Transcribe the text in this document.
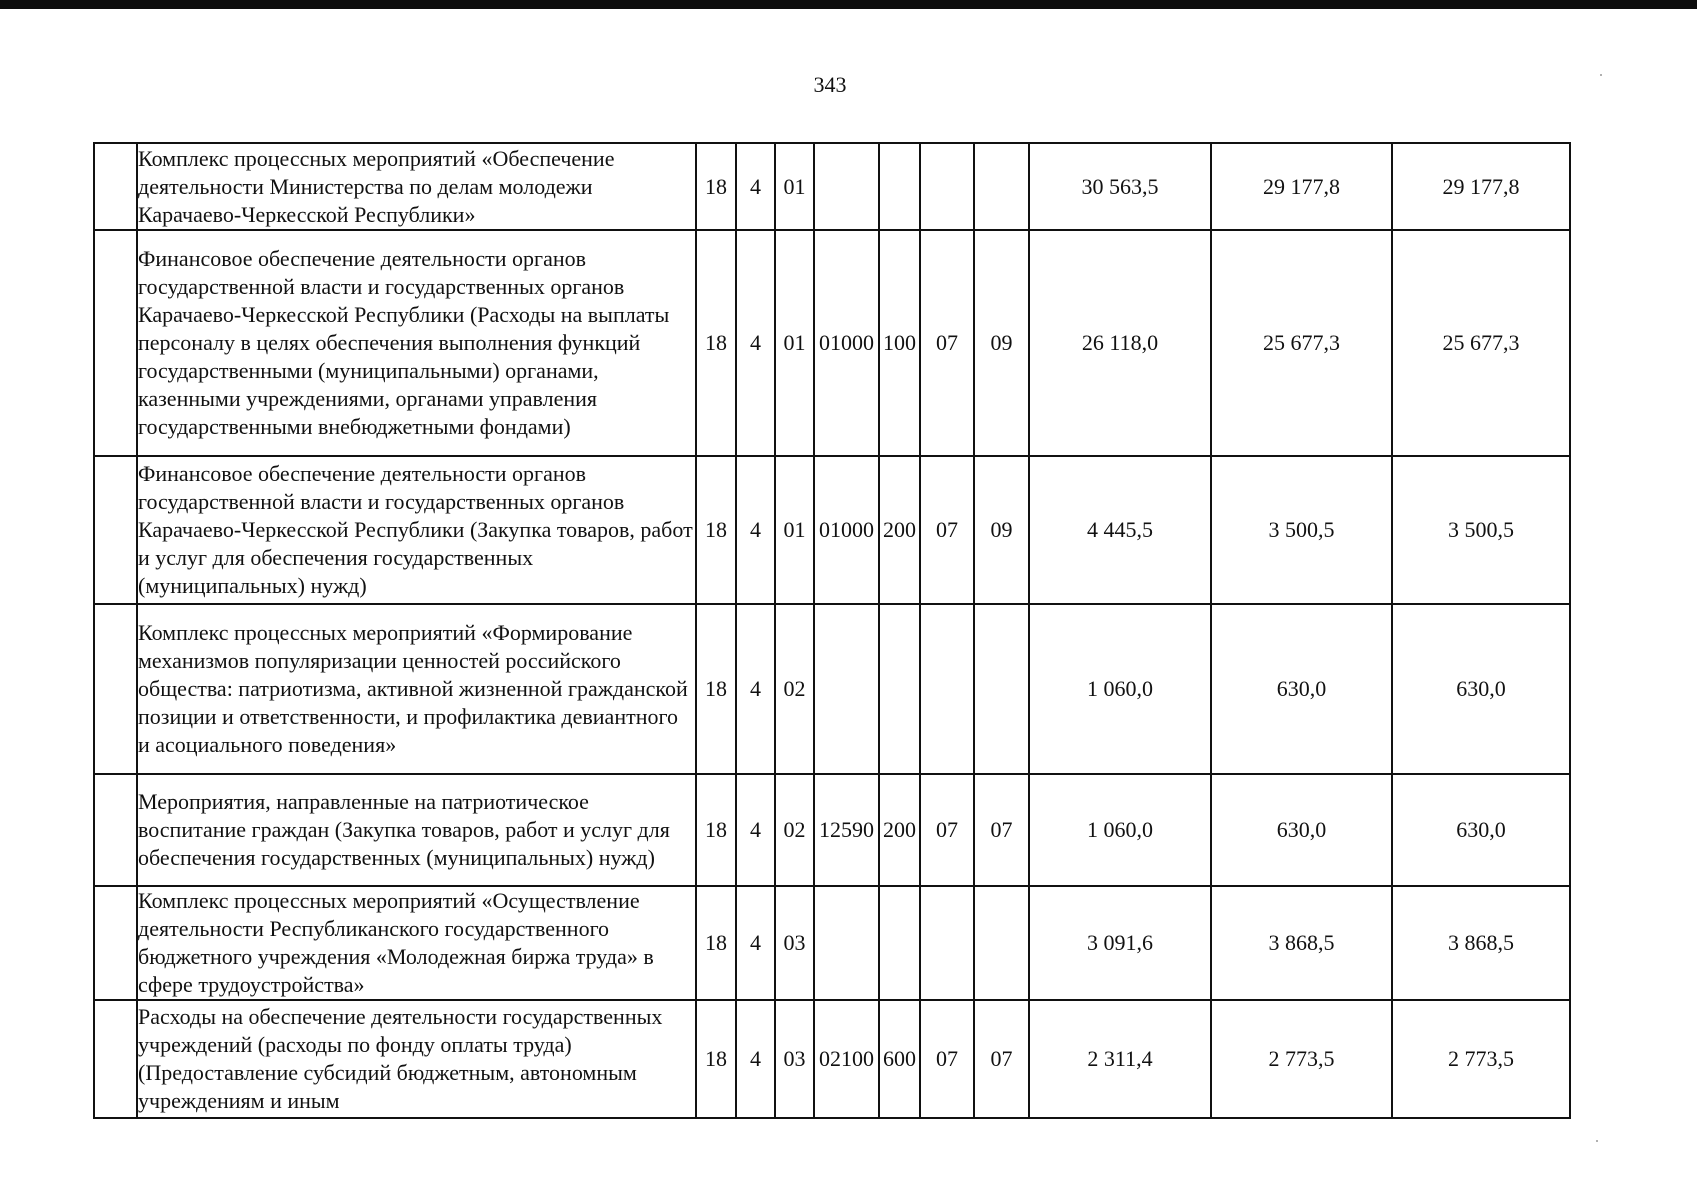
343
	Комплекс процессных мероприятий «Обеспечение деятельности Министерства по делам молодежи Карачаево-Черкесской Республики»	18	4	01					30 563,5	29 177,8	29 177,8
	Финансовое обеспечение деятельности органов государственной власти и государственных органов Карачаево-Черкесской Республики (Расходы на выплаты персоналу в целях обеспечения выполнения функций государственными (муниципальными) органами, казенными учреждениями, органами управления государственными внебюджетными фондами)	18	4	01	01000	100	07	09	26 118,0	25 677,3	25 677,3
	Финансовое обеспечение деятельности органов государственной власти и государственных органов Карачаево-Черкесской Республики (Закупка товаров, работ и услуг для обеспечения государственных (муниципальных) нужд)	18	4	01	01000	200	07	09	4 445,5	3 500,5	3 500,5
	Комплекс процессных мероприятий «Формирование механизмов популяризации ценностей российского общества: патриотизма, активной жизненной гражданской позиции и ответственности, и профилактика девиантного и асоциального поведения»	18	4	02					1 060,0	630,0	630,0
	Мероприятия, направленные на патриотическое воспитание граждан (Закупка товаров, работ и услуг для обеспечения государственных (муниципальных) нужд)	18	4	02	12590	200	07	07	1 060,0	630,0	630,0
	Комплекс процессных мероприятий «Осуществление деятельности Республиканского государственного бюджетного учреждения «Молодежная биржа труда» в сфере трудоустройства»	18	4	03					3 091,6	3 868,5	3 868,5
	Расходы на обеспечение деятельности государственных учреждений (расходы по фонду оплаты труда) (Предоставление субсидий бюджетным, автономным учреждениям и иным	18	4	03	02100	600	07	07	2 311,4	2 773,5	2 773,5
